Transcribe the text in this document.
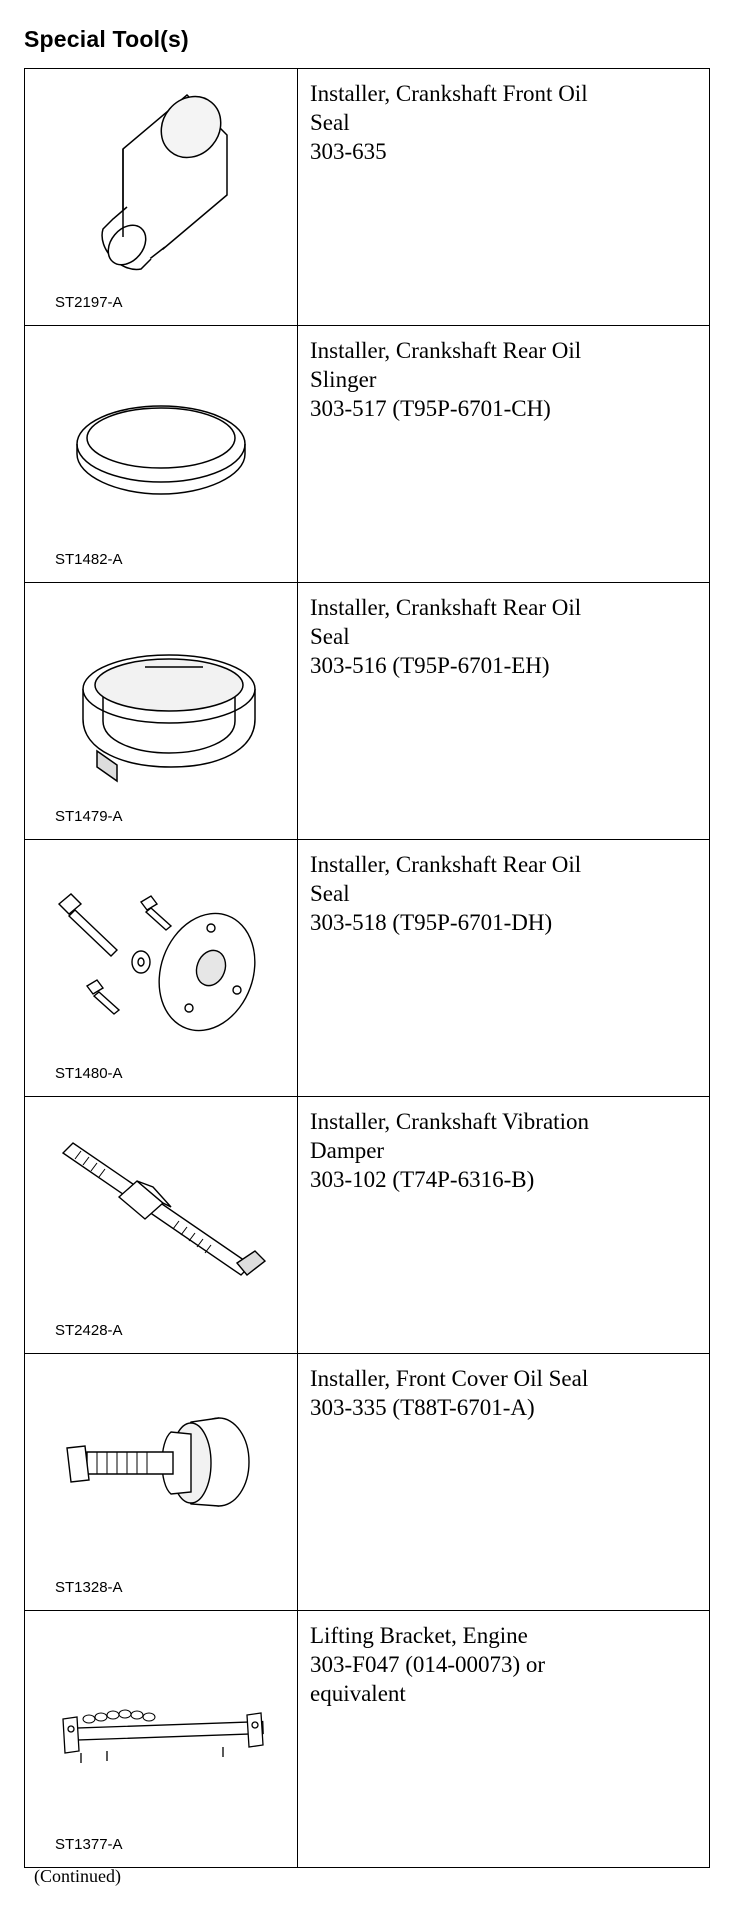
Special Tool(s)
ST2197-A	Installer, Crankshaft Front Oil
Seal
303-635

ST1482-A	Installer, Crankshaft Rear Oil
Slinger
303-517 (T95P-6701-CH)

ST1479-A	Installer, Crankshaft Rear Oil
Seal
303-516 (T95P-6701-EH)

ST1480-A	Installer, Crankshaft Rear Oil
Seal
303-518 (T95P-6701-DH)

ST2428-A	Installer, Crankshaft Vibration
Damper
303-102 (T74P-6316-B)

ST1328-A	Installer, Front Cover Oil Seal
303-335 (T88T-6701-A)

ST1377-A	Lifting Bracket, Engine
303-F047 (014-00073) or
equivalent
(Continued)
